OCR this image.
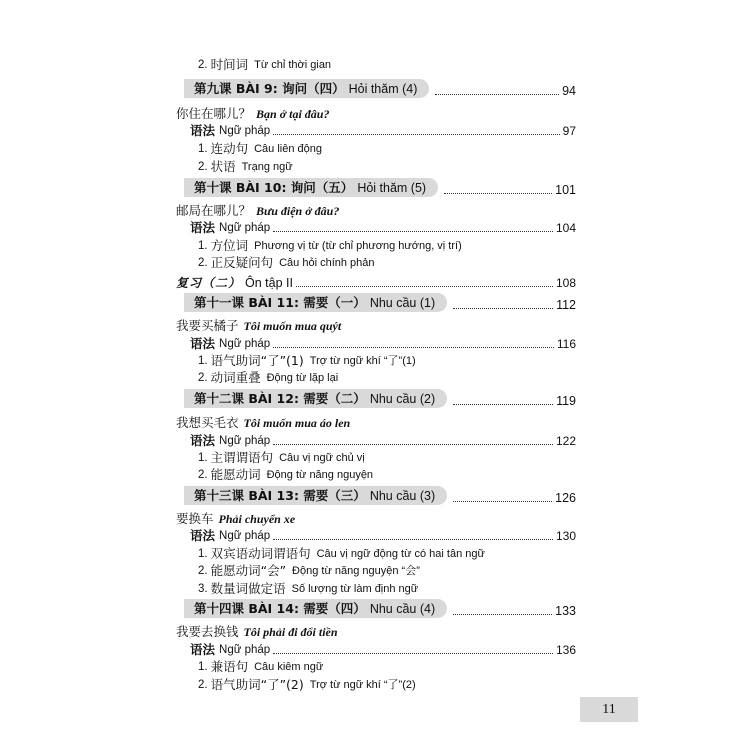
2. 时间词 Từ chỉ thời gian
第九课 BÀI 9: 询问（四） Hỏi thăm (4)	94
你住在哪儿？ Bạn ở tại đâu?
语法 Ngữ pháp	97
1. 连动句 Câu liên động
2. 状语 Trạng ngữ
第十课 BÀI 10: 询问（五） Hỏi thăm (5)	101
邮局在哪儿？ Bưu điện ở đâu?
语法 Ngữ pháp	104
1. 方位词 Phương vị từ (từ chỉ phương hướng, vị trí)
2. 正反疑问句 Câu hỏi chính phản
复习（二） Ôn tập II	108
第十一课 BÀI 11: 需要（一） Nhu cầu (1)	112
我要买橘子 Tôi muốn mua quýt
语法 Ngữ pháp	116
1. 语气助词“了”(1) Trợ từ ngữ khí “了”(1)
2. 动词重叠 Động từ lặp lại
第十二课 BÀI 12: 需要（二） Nhu cầu (2)	119
我想买毛衣 Tôi muốn mua áo len
语法 Ngữ pháp	122
1. 主谓谓语句 Câu vị ngữ chủ vị
2. 能愿动词 Động từ năng nguyện
第十三课 BÀI 13: 需要（三） Nhu cầu (3)	126
要换车 Phải chuyển xe
语法 Ngữ pháp	130
1. 双宾语动词谓语句 Câu vị ngữ động từ có hai tân ngữ
2. 能愿动词“会” Động từ năng nguyện “会”
3. 数量词做定语 Số lượng từ làm định ngữ
第十四课 BÀI 14: 需要（四） Nhu cầu (4)	133
我要去换钱 Tôi phải đi đổi tiền
语法 Ngữ pháp	136
1. 兼语句 Câu kiêm ngữ
2. 语气助词“了”(2) Trợ từ ngữ khí “了”(2)
11
